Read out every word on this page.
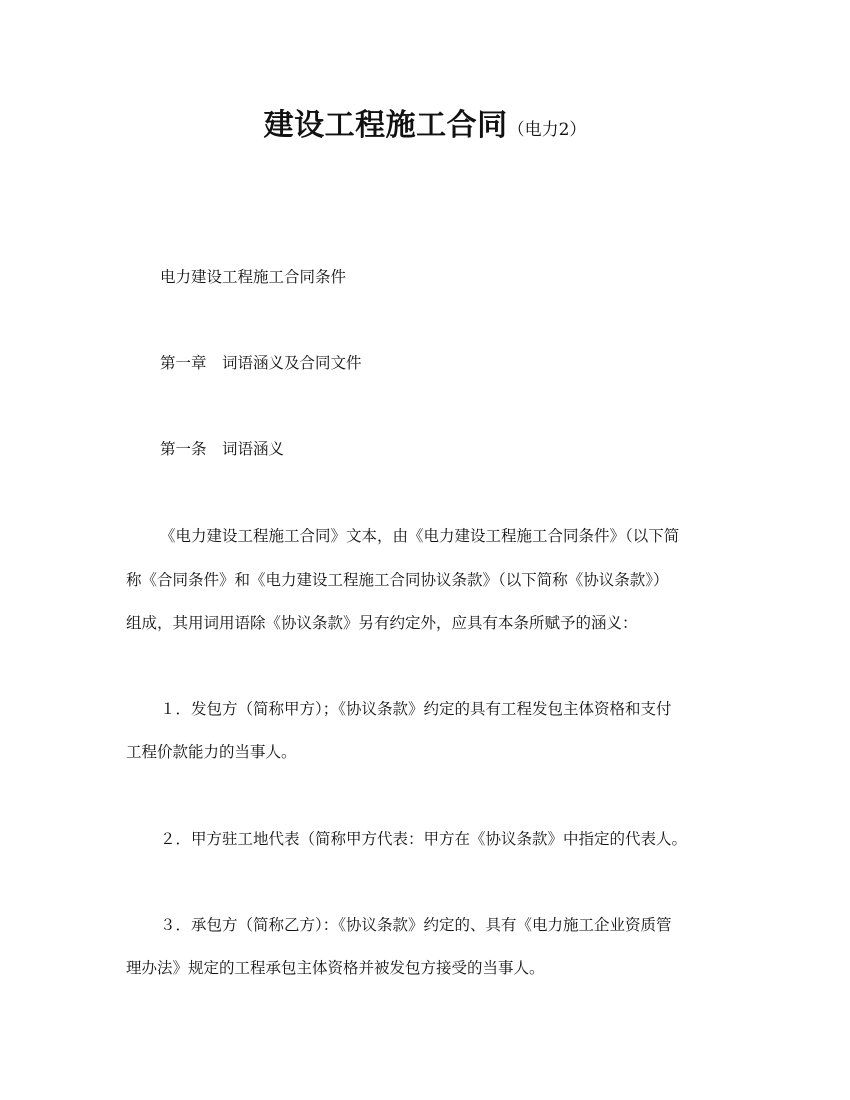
建设工程施工合同（电力2）
电力建设工程施工合同条件
第一章　词语涵义及合同文件
第一条　词语涵义
《电力建设工程施工合同》文本，由《电力建设工程施工合同条件》（以下简
称《合同条件》和《电力建设工程施工合同协议条款》（以下简称《协议条款》）
组成，其用词用语除《协议条款》另有约定外，应具有本条所赋予的涵义：
１．发包方（简称甲方）；《协议条款》约定的具有工程发包主体资格和支付
工程价款能力的当事人。
２．甲方驻工地代表（简称甲方代表：甲方在《协议条款》中指定的代表人。
３．承包方（简称乙方）：《协议条款》约定的、具有《电力施工企业资质管
理办法》规定的工程承包主体资格并被发包方接受的当事人。
